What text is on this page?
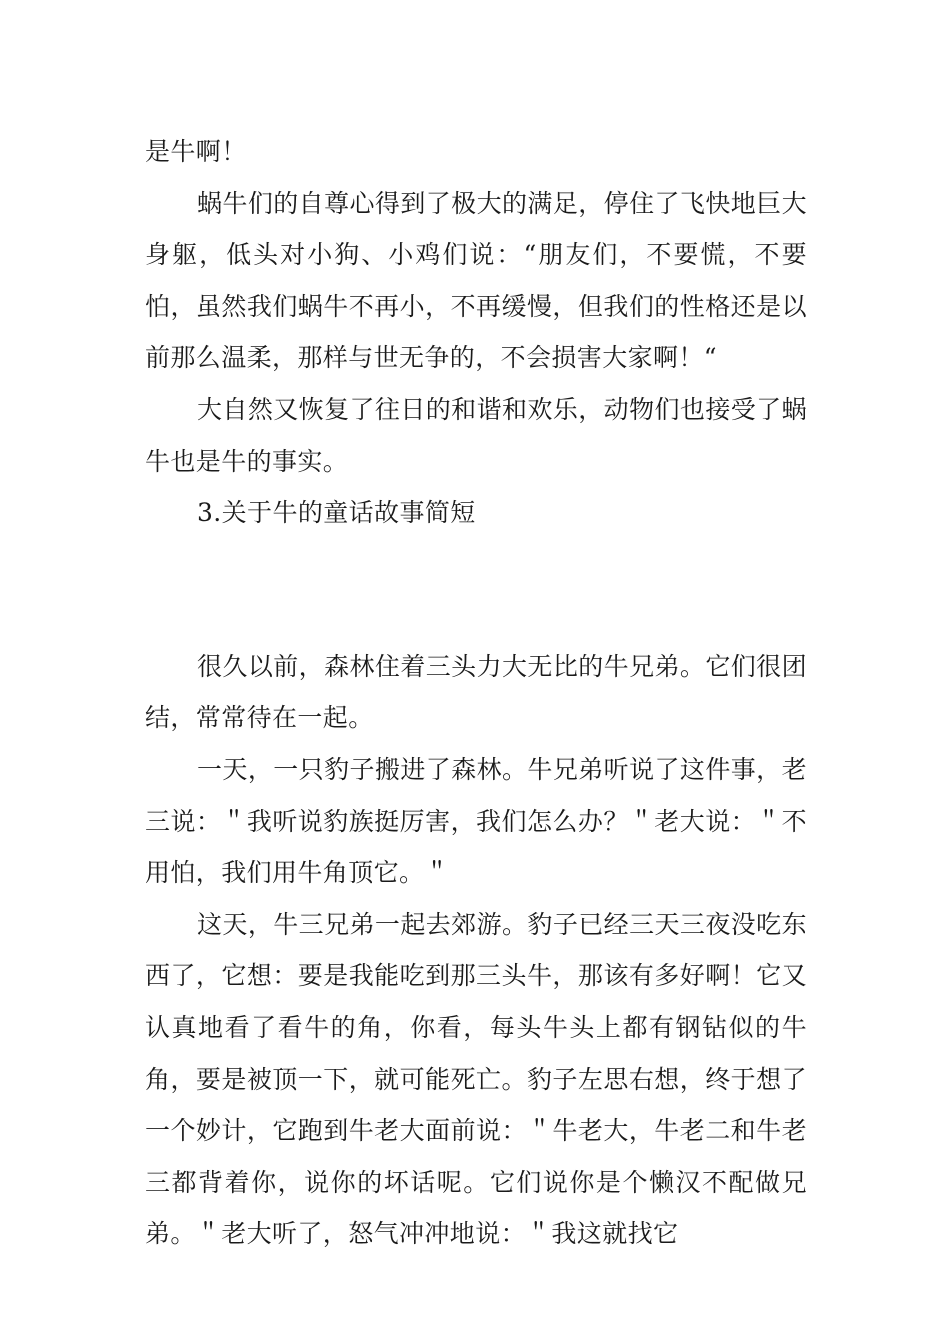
是牛啊！

蜗牛们的自尊心得到了极大的满足，停住了飞快地巨大身躯，低头对小狗、小鸡们说：“朋友们，不要慌，不要怕，虽然我们蜗牛不再小，不再缓慢，但我们的性格还是以前那么温柔，那样与世无争的，不会损害大家啊！“

大自然又恢复了往日的和谐和欢乐，动物们也接受了蜗牛也是牛的事实。

3.关于牛的童话故事简短

很久以前，森林住着三头力大无比的牛兄弟。它们很团结，常常待在一起。

一天，一只豹子搬进了森林。牛兄弟听说了这件事，老三说：＂我听说豹族挺厉害，我们怎么办？＂老大说：＂不用怕，我们用牛角顶它。＂

这天，牛三兄弟一起去郊游。豹子已经三天三夜没吃东西了，它想：要是我能吃到那三头牛，那该有多好啊！它又认真地看了看牛的角，你看，每头牛头上都有钢钻似的牛角，要是被顶一下，就可能死亡。豹子左思右想，终于想了一个妙计，它跑到牛老大面前说：＂牛老大，牛老二和牛老三都背着你，说你的坏话呢。它们说你是个懒汉不配做兄弟。＂老大听了，怒气冲冲地说：＂我这就找它
